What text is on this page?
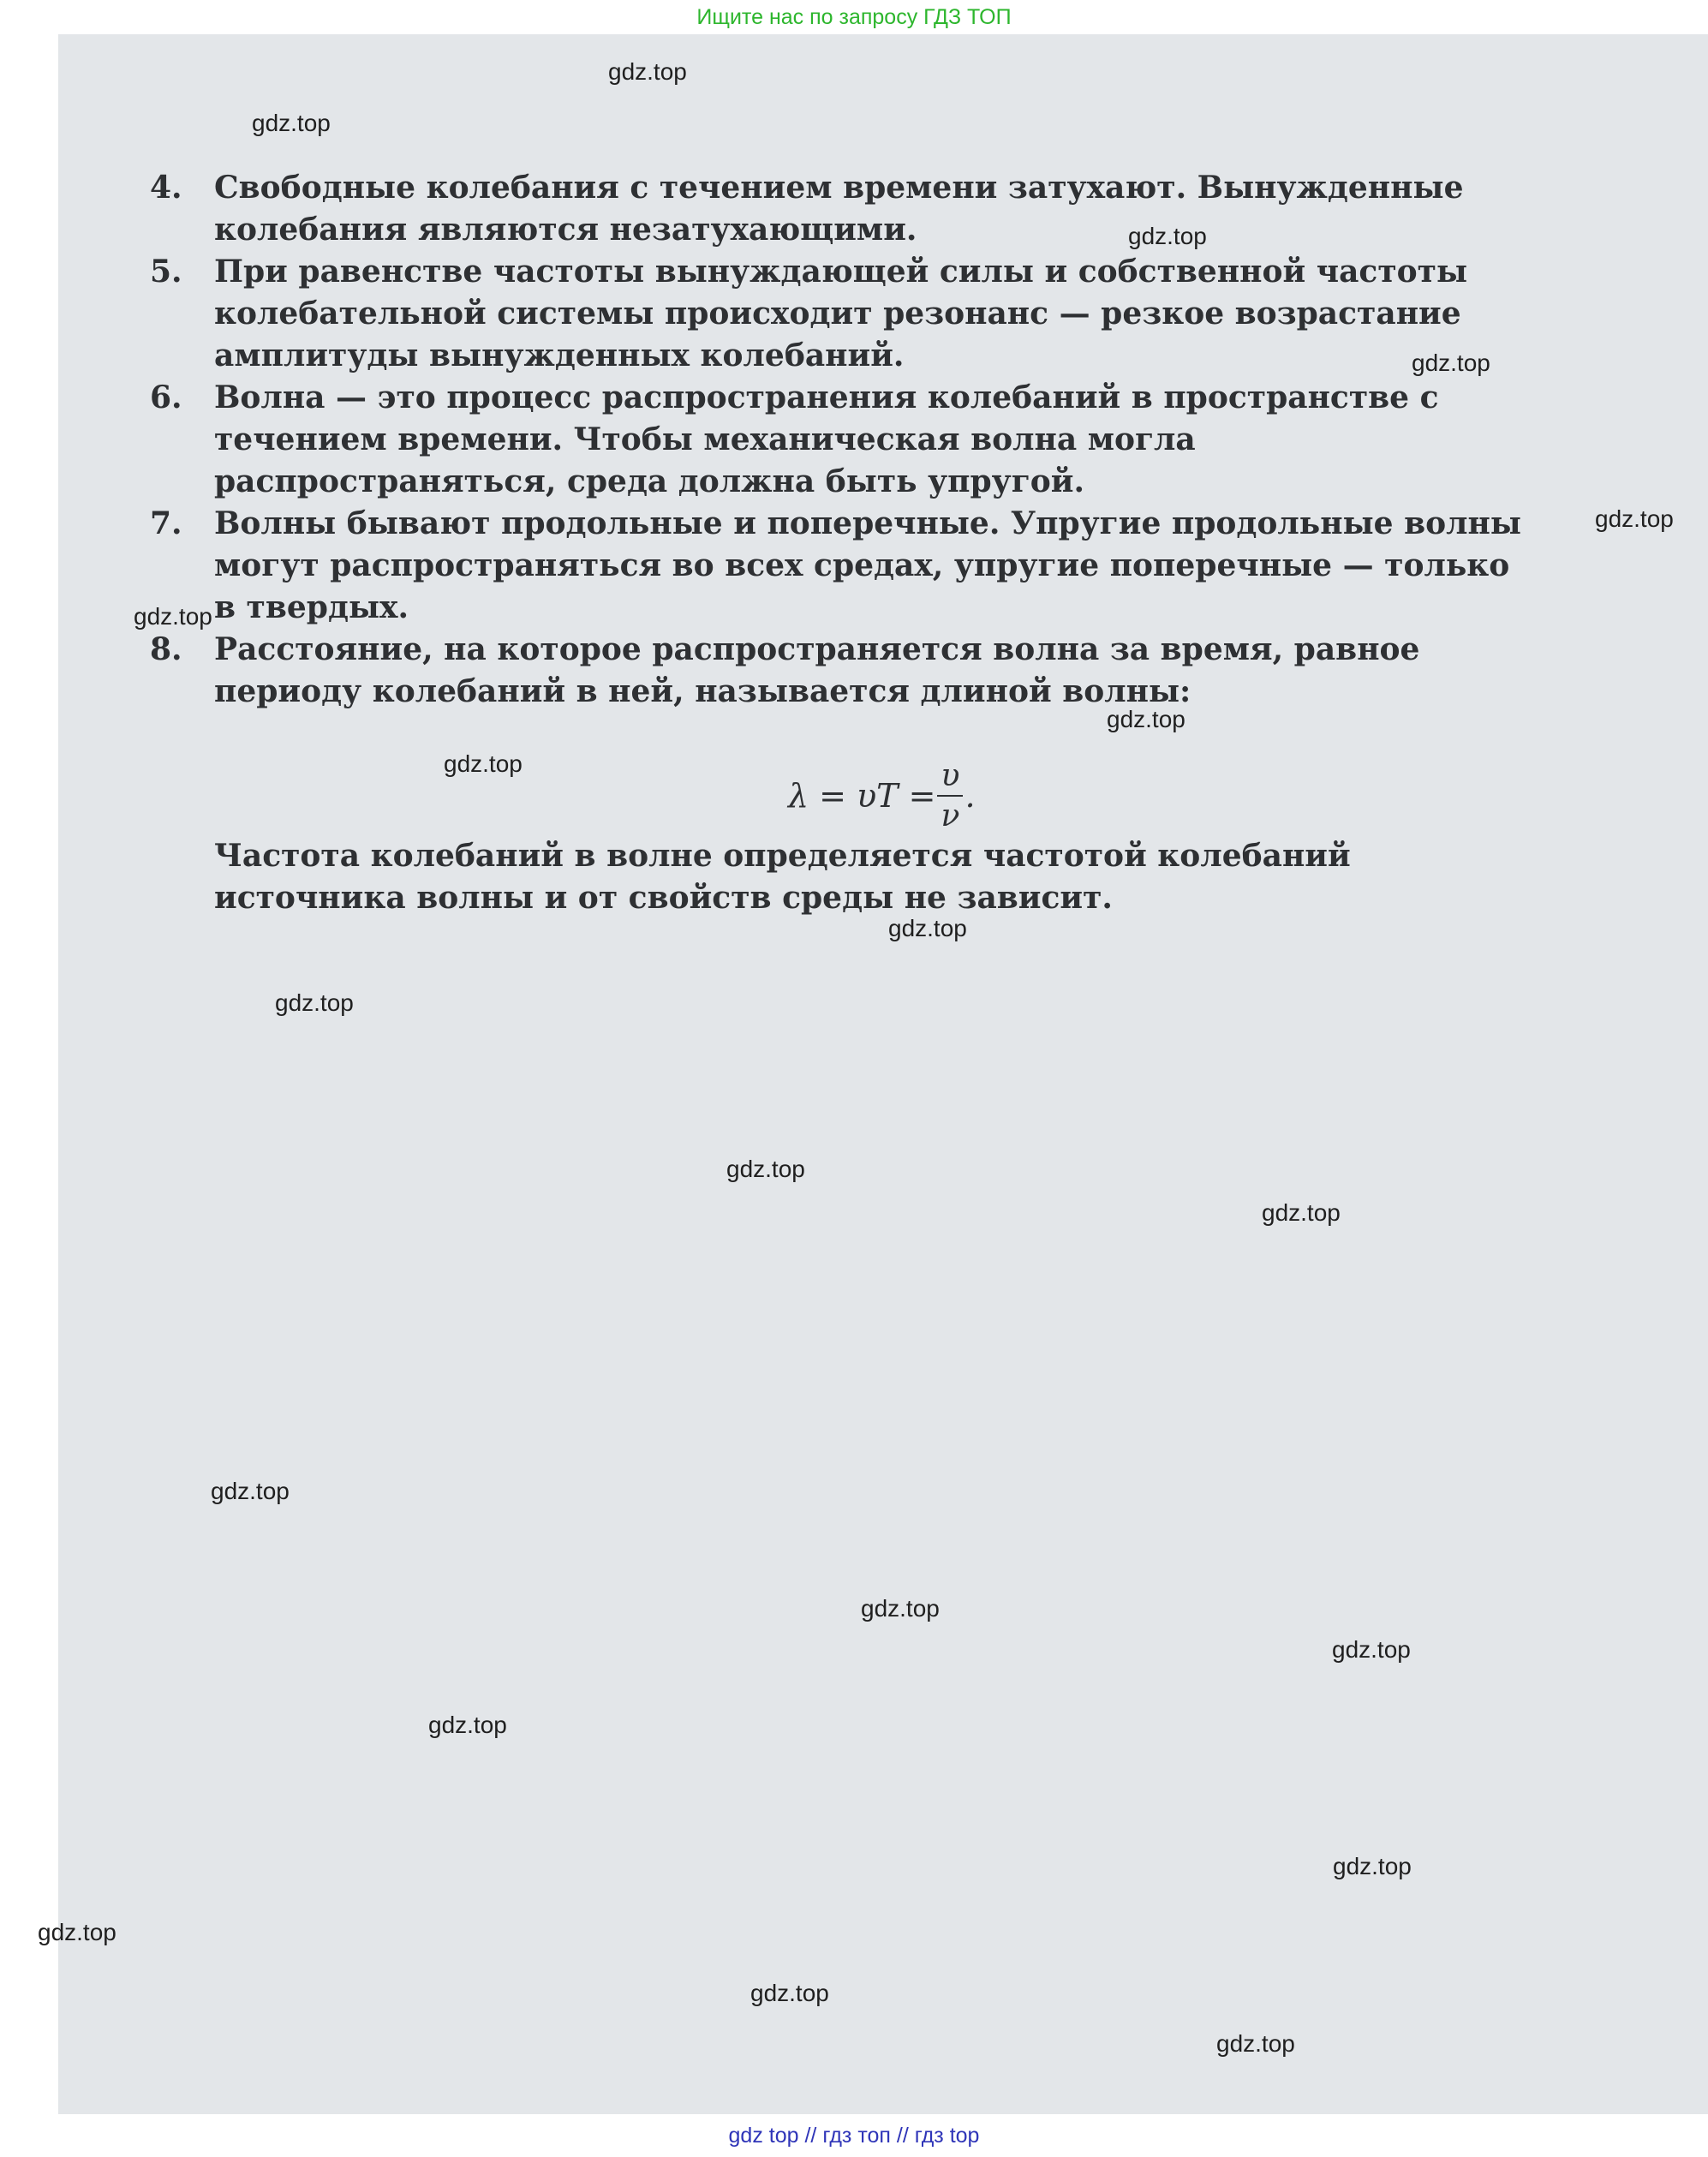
Ищите нас по запросу ГДЗ ТОП
4. Свободные колебания с течением времени затухают. Вынужденные колебания являются незатухающими.
5. При равенстве частоты вынуждающей силы и собственной частоты колебательной системы происходит резонанс — резкое возрастание амплитуды вынужденных колебаний.
6. Волна — это процесс распространения колебаний в пространстве с течением времени. Чтобы механическая волна могла распространяться, среда должна быть упругой.
7. Волны бывают продольные и поперечные. Упругие продольные волны могут распространяться во всех средах, упругие поперечные — только в твердых.
8. Расстояние, на которое распространяется волна за время, равное периоду колебаний в ней, называется длиной волны:
$\lambda = \upsilon T = \frac{\upsilon}{\nu}$ .
Частота колебаний в волне определяется частотой колебаний источника волны и от свойств среды не зависит.
gdz.top
gdz.top
gdz.top
gdz.top
gdz.top
gdz.top
gdz.top
gdz.top
gdz.top
gdz.top
gdz.top
gdz.top
gdz.top
gdz.top
gdz.top
gdz.top
gdz.top
gdz.top
gdz.top
gdz.top
gdz top // гдз топ // гдз top
